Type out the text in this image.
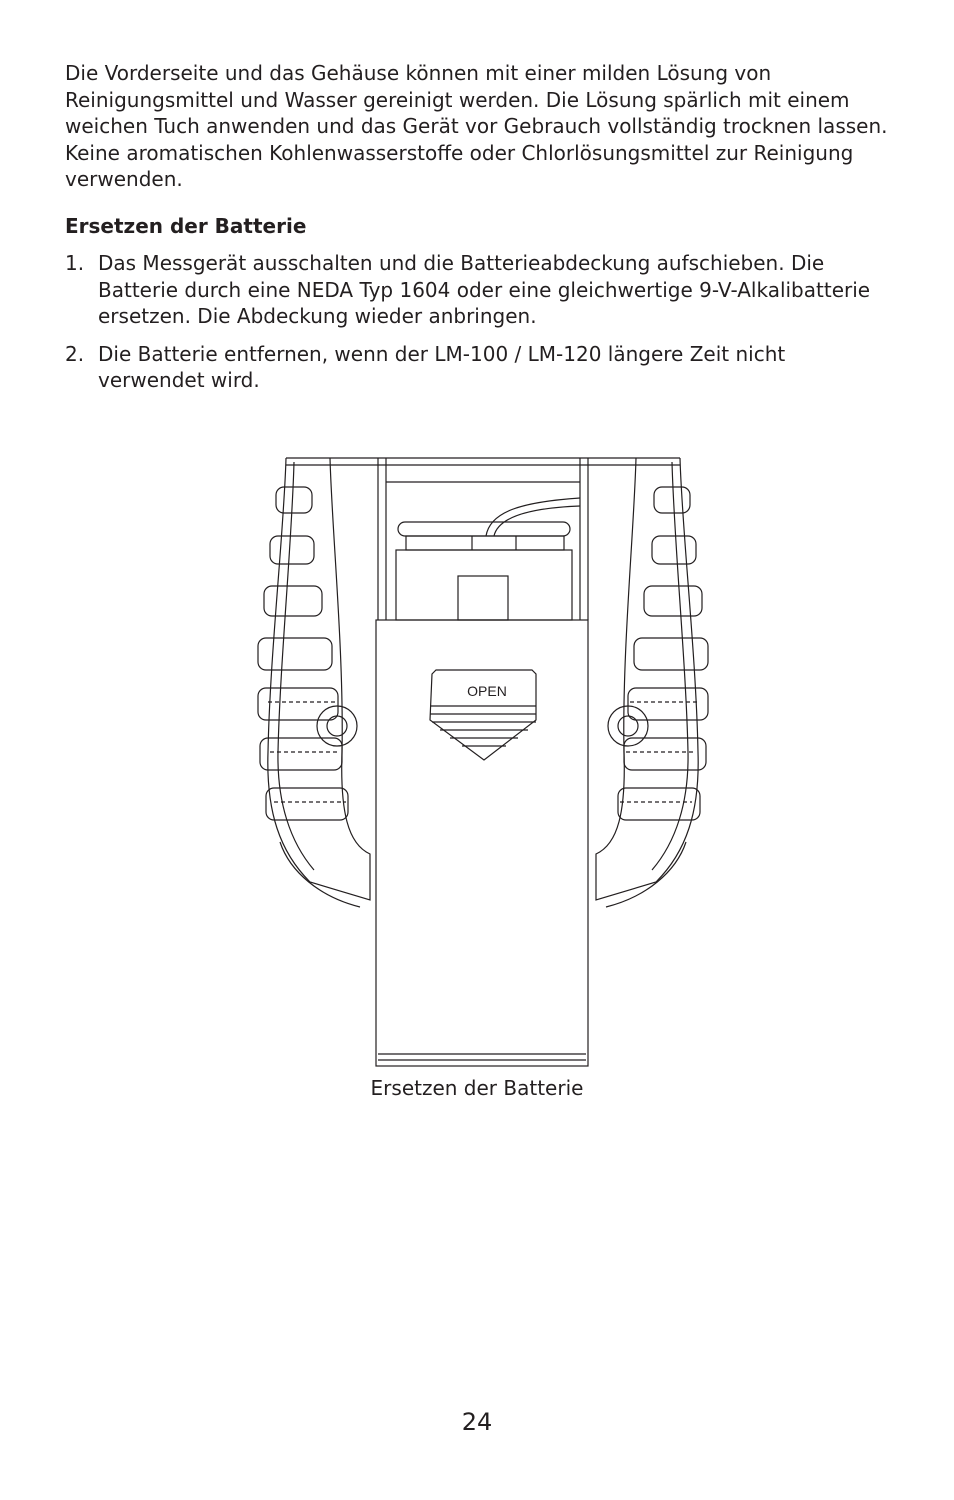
Die Vorderseite und das Gehäuse können mit einer milden Lösung von Reinigungsmittel und Wasser gereinigt werden. Die Lösung spärlich mit einem weichen Tuch anwenden und das Gerät vor Gebrauch vollständig trocknen lassen. Keine aromatischen Kohlenwasserstoffe oder Chlorlösungsmittel zur Reinigung verwenden.

Ersetzen der Batterie
1. Das Messgerät ausschalten und die Batterieabdeckung aufschieben. Die Batterie durch eine NEDA Typ 1604 oder eine gleichwertige 9-V-Alkalibatterie ersetzen. Die Abdeckung wieder anbringen.
2. Die Batterie entfernen, wenn der LM-100 / LM-120 längere Zeit nicht verwendet wird.
OPEN

Ersetzen der Batterie

24
